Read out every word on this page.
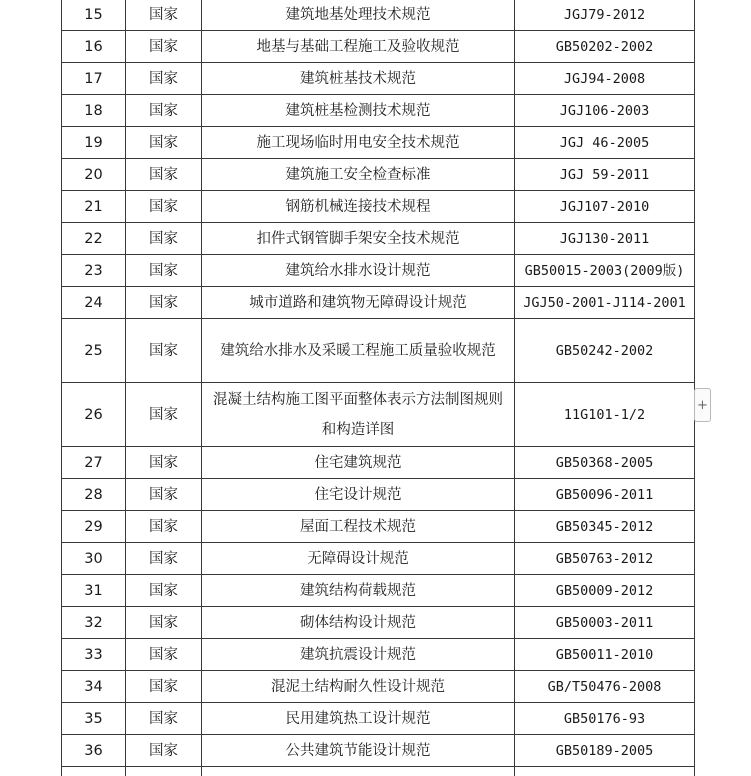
15	国家	建筑地基处理技术规范	JGJ79-2012
16	国家	地基与基础工程施工及验收规范	GB50202-2002
17	国家	建筑桩基技术规范	JGJ94-2008
18	国家	建筑桩基检测技术规范	JGJ106-2003
19	国家	施工现场临时用电安全技术规范	JGJ 46-2005
20	国家	建筑施工安全检查标准	JGJ 59-2011
21	国家	钢筋机械连接技术规程	JGJ107-2010
22	国家	扣件式钢管脚手架安全技术规范	JGJ130-2011
23	国家	建筑给水排水设计规范	GB50015-2003(2009版)
24	国家	城市道路和建筑物无障碍设计规范	JGJ50-2001-J114-2001
25	国家	建筑给水排水及采暖工程施工质量验收规范	GB50242-2002
26	国家	混凝土结构施工图平面整体表示方法制图规则和构造详图	11G101-1/2
27	国家	住宅建筑规范	GB50368-2005
28	国家	住宅设计规范	GB50096-2011
29	国家	屋面工程技术规范	GB50345-2012
30	国家	无障碍设计规范	GB50763-2012
31	国家	建筑结构荷载规范	GB50009-2012
32	国家	砌体结构设计规范	GB50003-2011
33	国家	建筑抗震设计规范	GB50011-2010
34	国家	混泥土结构耐久性设计规范	GB/T50476-2008
35	国家	民用建筑热工设计规范	GB50176-93
36	国家	公共建筑节能设计规范	GB50189-2005

+
